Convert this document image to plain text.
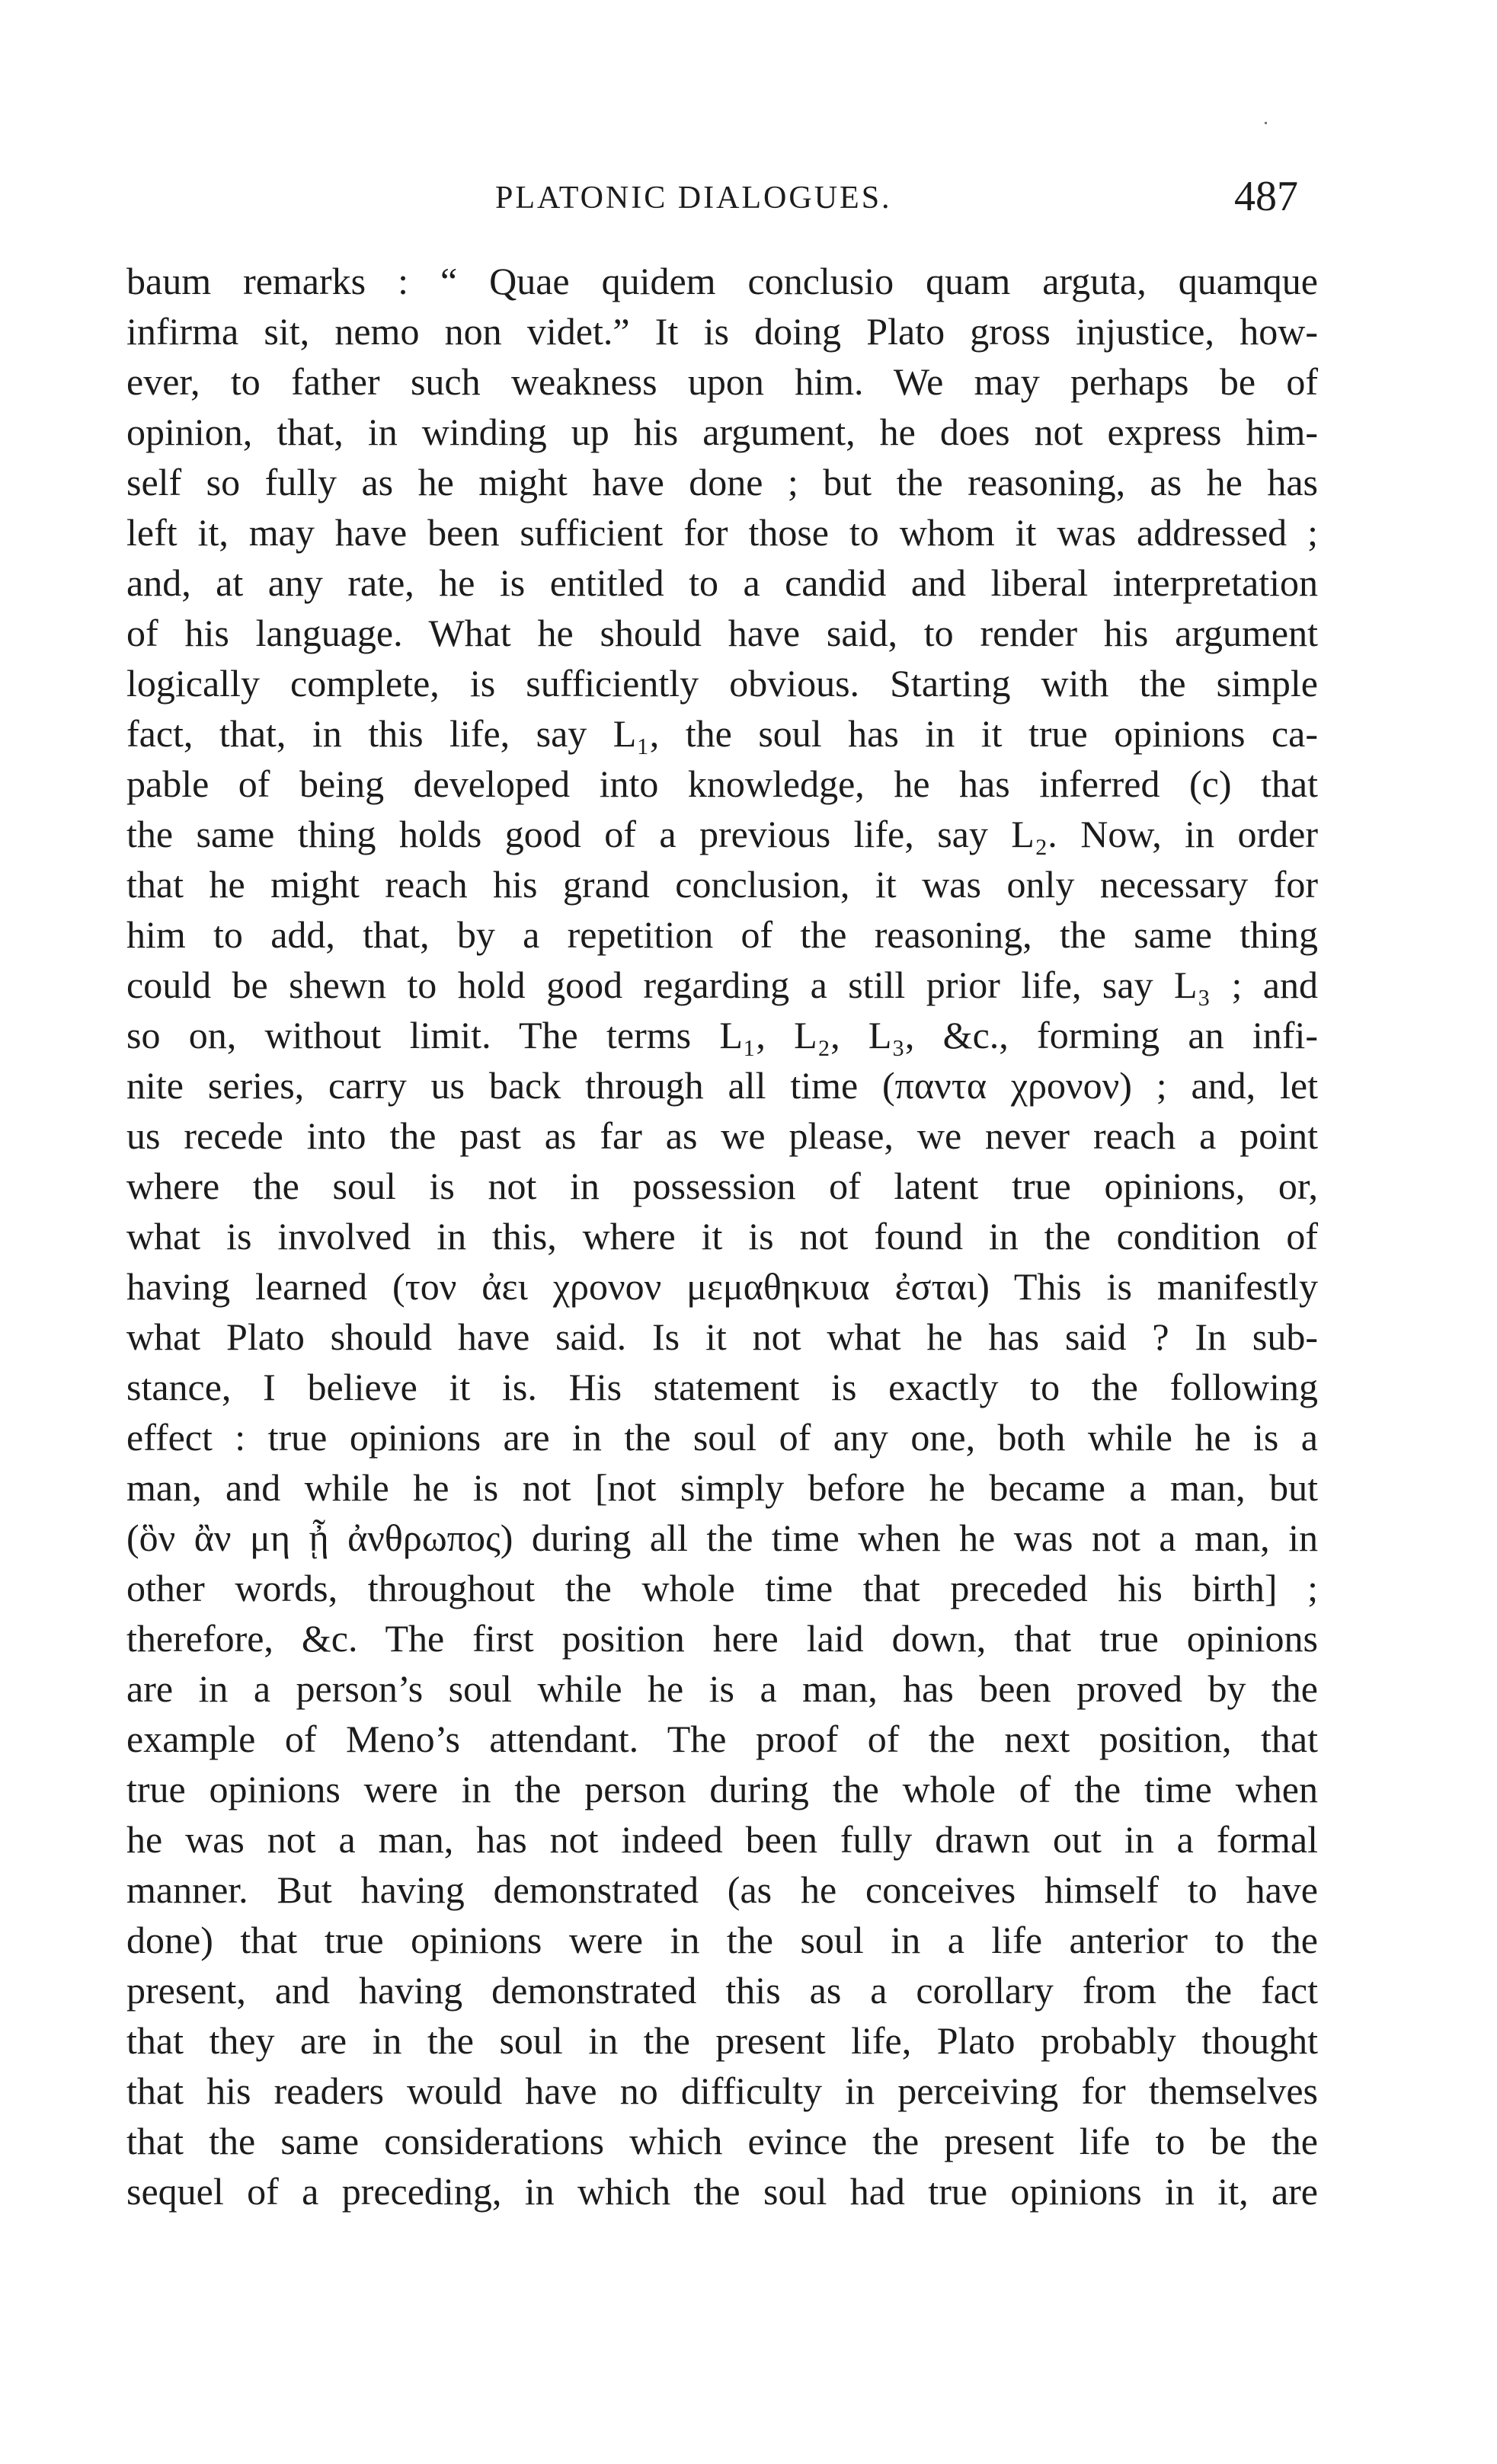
PLATONIC DIALOGUES.	487
baum remarks : “ Quae quidem conclusio quam arguta, quamque
infirma sit, nemo non videt.” It is doing Plato gross injustice, how-
ever, to father such weakness upon him. We may perhaps be of
opinion, that, in winding up his argument, he does not express him-
self so fully as he might have done ; but the reasoning, as he has
left it, may have been sufficient for those to whom it was addressed ;
and, at any rate, he is entitled to a candid and liberal interpretation
of his language. What he should have said, to render his argument
logically complete, is sufficiently obvious. Starting with the simple
fact, that, in this life, say L₁, the soul has in it true opinions ca-
pable of being developed into knowledge, he has inferred (c) that
the same thing holds good of a previous life, say L₂. Now, in order
that he might reach his grand conclusion, it was only necessary for
him to add, that, by a repetition of the reasoning, the same thing
could be shewn to hold good regarding a still prior life, say L₃ ; and
so on, without limit. The terms L₁, L₂, L₃, &c., forming an infi-
nite series, carry us back through all time (παντα χρονον) ; and, let
us recede into the past as far as we please, we never reach a point
where the soul is not in possession of latent true opinions, or,
what is involved in this, where it is not found in the condition of
having learned (τον ἀει χρονον μεμαθηκυια ἐσται) This is manifestly
what Plato should have said. Is it not what he has said ? In sub-
stance, I believe it is. His statement is exactly to the following
effect : true opinions are in the soul of any one, both while he is a
man, and while he is not [not simply before he became a man, but
(ὃν ἂν μη ᾖ ἀνθρωπος) during all the time when he was not a man, in
other words, throughout the whole time that preceded his birth] ;
therefore, &c. The first position here laid down, that true opinions
are in a person’s soul while he is a man, has been proved by the
example of Meno’s attendant. The proof of the next position, that
true opinions were in the person during the whole of the time when
he was not a man, has not indeed been fully drawn out in a formal
manner. But having demonstrated (as he conceives himself to have
done) that true opinions were in the soul in a life anterior to the
present, and having demonstrated this as a corollary from the fact
that they are in the soul in the present life, Plato probably thought
that his readers would have no difficulty in perceiving for themselves
that the same considerations which evince the present life to be the
sequel of a preceding, in which the soul had true opinions in it, are
